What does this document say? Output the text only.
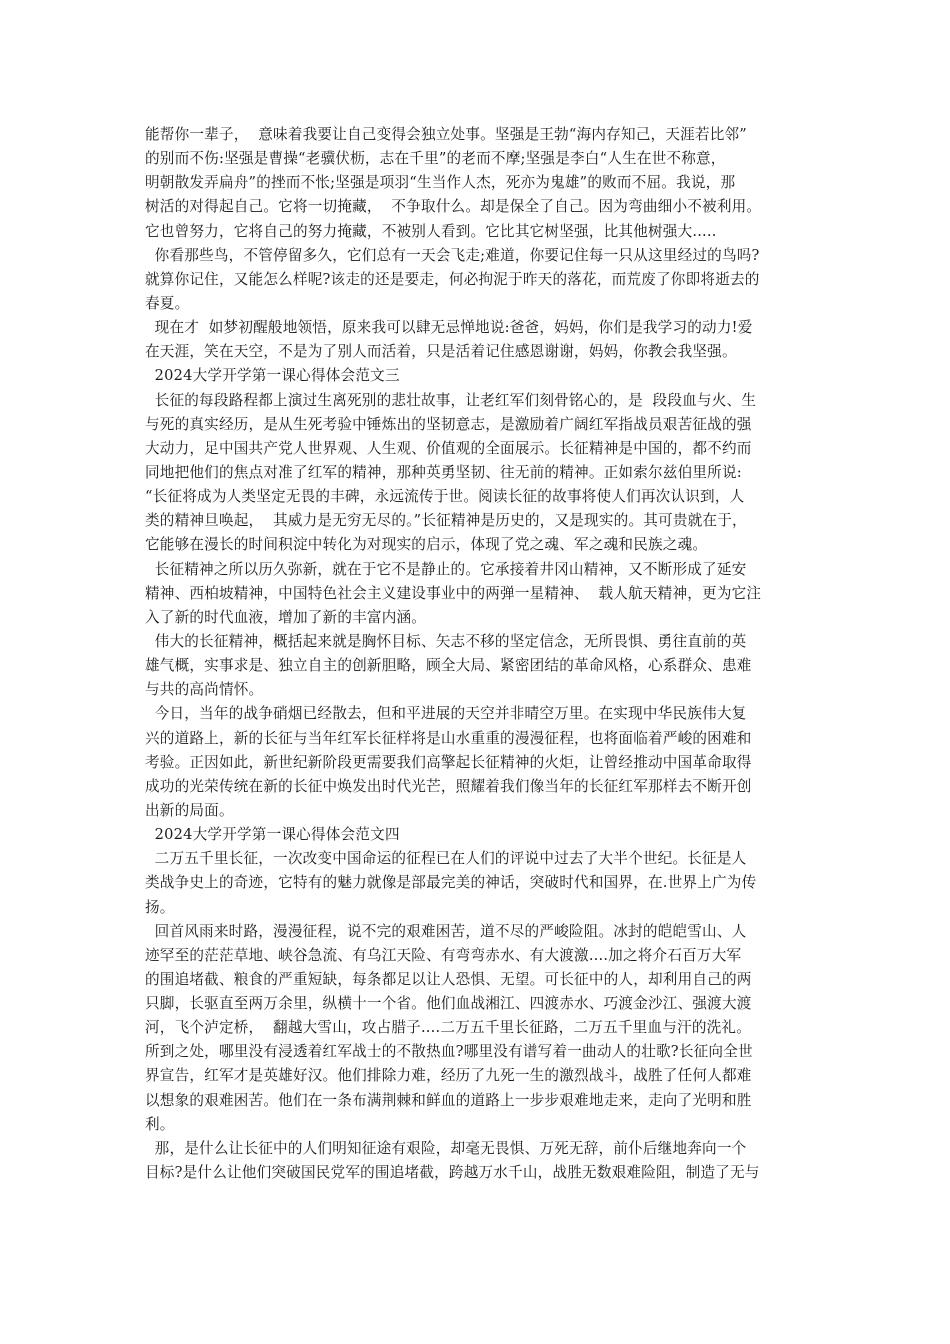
能帮你一辈子，  意味着我要让自己变得会独立处事。坚强是王勃“海内存知己，天涯若比邻”
的别而不伤:坚强是曹操“老骥伏枥，志在千里”的老而不摩;坚强是李白“人生在世不称意，
明朝散发弄扁舟”的挫而不怅;坚强是项羽“生当作人杰，死亦为鬼雄”的败而不屈。我说，那
树活的对得起自己。它将一切掩藏，  不争取什么。却是保全了自己。因为弯曲细小不被利用。
它也曾努力，它将自己的努力掩藏，不被别人看到。它比其它树坚强，比其他树强大.....
你看那些鸟，不管停留多久，它们总有一天会飞走;难道，你要记住每一只从这里经过的鸟吗?
就算你记住，又能怎么样呢?该走的还是要走，何必拘泥于昨天的落花，而荒废了你即将逝去的
春夏。
现在才  如梦初醒般地领悟，原来我可以肆无忌惮地说:爸爸，妈妈，你们是我学习的动力!爱
在天涯，笑在天空，不是为了别人而活着，只是活着记住感恩谢谢，妈妈，你教会我坚强。
2024大学开学第一课心得体会范文三
长征的每段路程都上演过生离死别的悲壮故事，让老红军们刻骨铭心的，是  段段血与火、生
与死的真实经历，是从生死考验中锤炼出的坚韧意志，是激励着广阔红军指战员艰苦征战的强
大动力，足中国共产党人世界观、人生观、价值观的全面展示。长征精神是中国的，都不约而
同地把他们的焦点对准了红军的精神，那种英勇坚韧、往无前的精神。正如索尔兹伯里所说:
“长征将成为人类坚定无畏的丰碑，永远流传于世。阅读长征的故事将使人们再次认识到，人
类的精神旦唤起，  其威力是无穷无尽的。”长征精神是历史的，又是现实的。其可贵就在于，
它能够在漫长的时间积淀中转化为对现实的启示，体现了党之魂、军之魂和民族之魂。
长征精神之所以历久弥新，就在于它不是静止的。它承接着井冈山精神，又不断形成了延安
精神、西柏坡精神，中国特色社会主义建设事业中的两弹一星精神、  载人航天精神，更为它注
入了新的时代血液，增加了新的丰富内涵。
伟大的长征精神，概括起来就是胸怀目标、矢志不移的坚定信念，无所畏惧、勇往直前的英
雄气概，实事求是、独立自主的创新胆略，顾全大局、紧密团结的革命风格，心系群众、患难
与共的高尚情怀。
今日，当年的战争硝烟已经散去，但和平进展的天空并非晴空万里。在实现中华民族伟大复
兴的道路上，新的长征与当年红军长征样将是山水重重的漫漫征程，也将面临着严峻的困难和
考验。正因如此，新世纪新阶段更需要我们高擎起长征精神的火炬，让曾经推动中国革命取得
成功的光荣传统在新的长征中焕发出时代光芒，照耀着我们像当年的长征红军那样去不断开创
出新的局面。
2024大学开学第一课心得体会范文四
二万五千里长征，一次改变中国命运的征程已在人们的评说中过去了大半个世纪。长征是人
类战争史上的奇迹，它特有的魅力就像是部最完美的神话，突破时代和国界，在.世界上广为传
扬。
回首风雨来时路，漫漫征程，说不完的艰难困苦，道不尽的严峻险阻。冰封的皑皑雪山、人
迹罕至的茫茫草地、峡谷急流、有乌江天险、有弯弯赤水、有大渡激....加之将介石百万大军
的围追堵截、粮食的严重短缺，每条都足以让人恐惧、无望。可长征中的人，却利用自己的两
只脚，长驱直至两万余里，纵横十一个省。他们血战湘江、四渡赤水、巧渡金沙江、强渡大渡
河，飞个泸定桥，  翻越大雪山，攻占腊子....二万五千里长征路，二万五千里血与汗的洗礼。
所到之处，哪里没有浸透着红军战士的不散热血?哪里没有谱写着一曲动人的壮歌?长征向全世
界宣告，红军才是英雄好汉。他们排除力难，经历了九死一生的激烈战斗，战胜了任何人都难
以想象的艰难困苦。他们在一条布满荆棘和鲜血的道路上一步步艰难地走来，走向了光明和胜
利。
那，是什么让长征中的人们明知征途有艰险，却毫无畏惧、万死无辞，前仆后继地奔向一个
目标?是什么让他们突破国民党军的围追堵截，跨越万水千山，战胜无数艰难险阻，制造了无与
